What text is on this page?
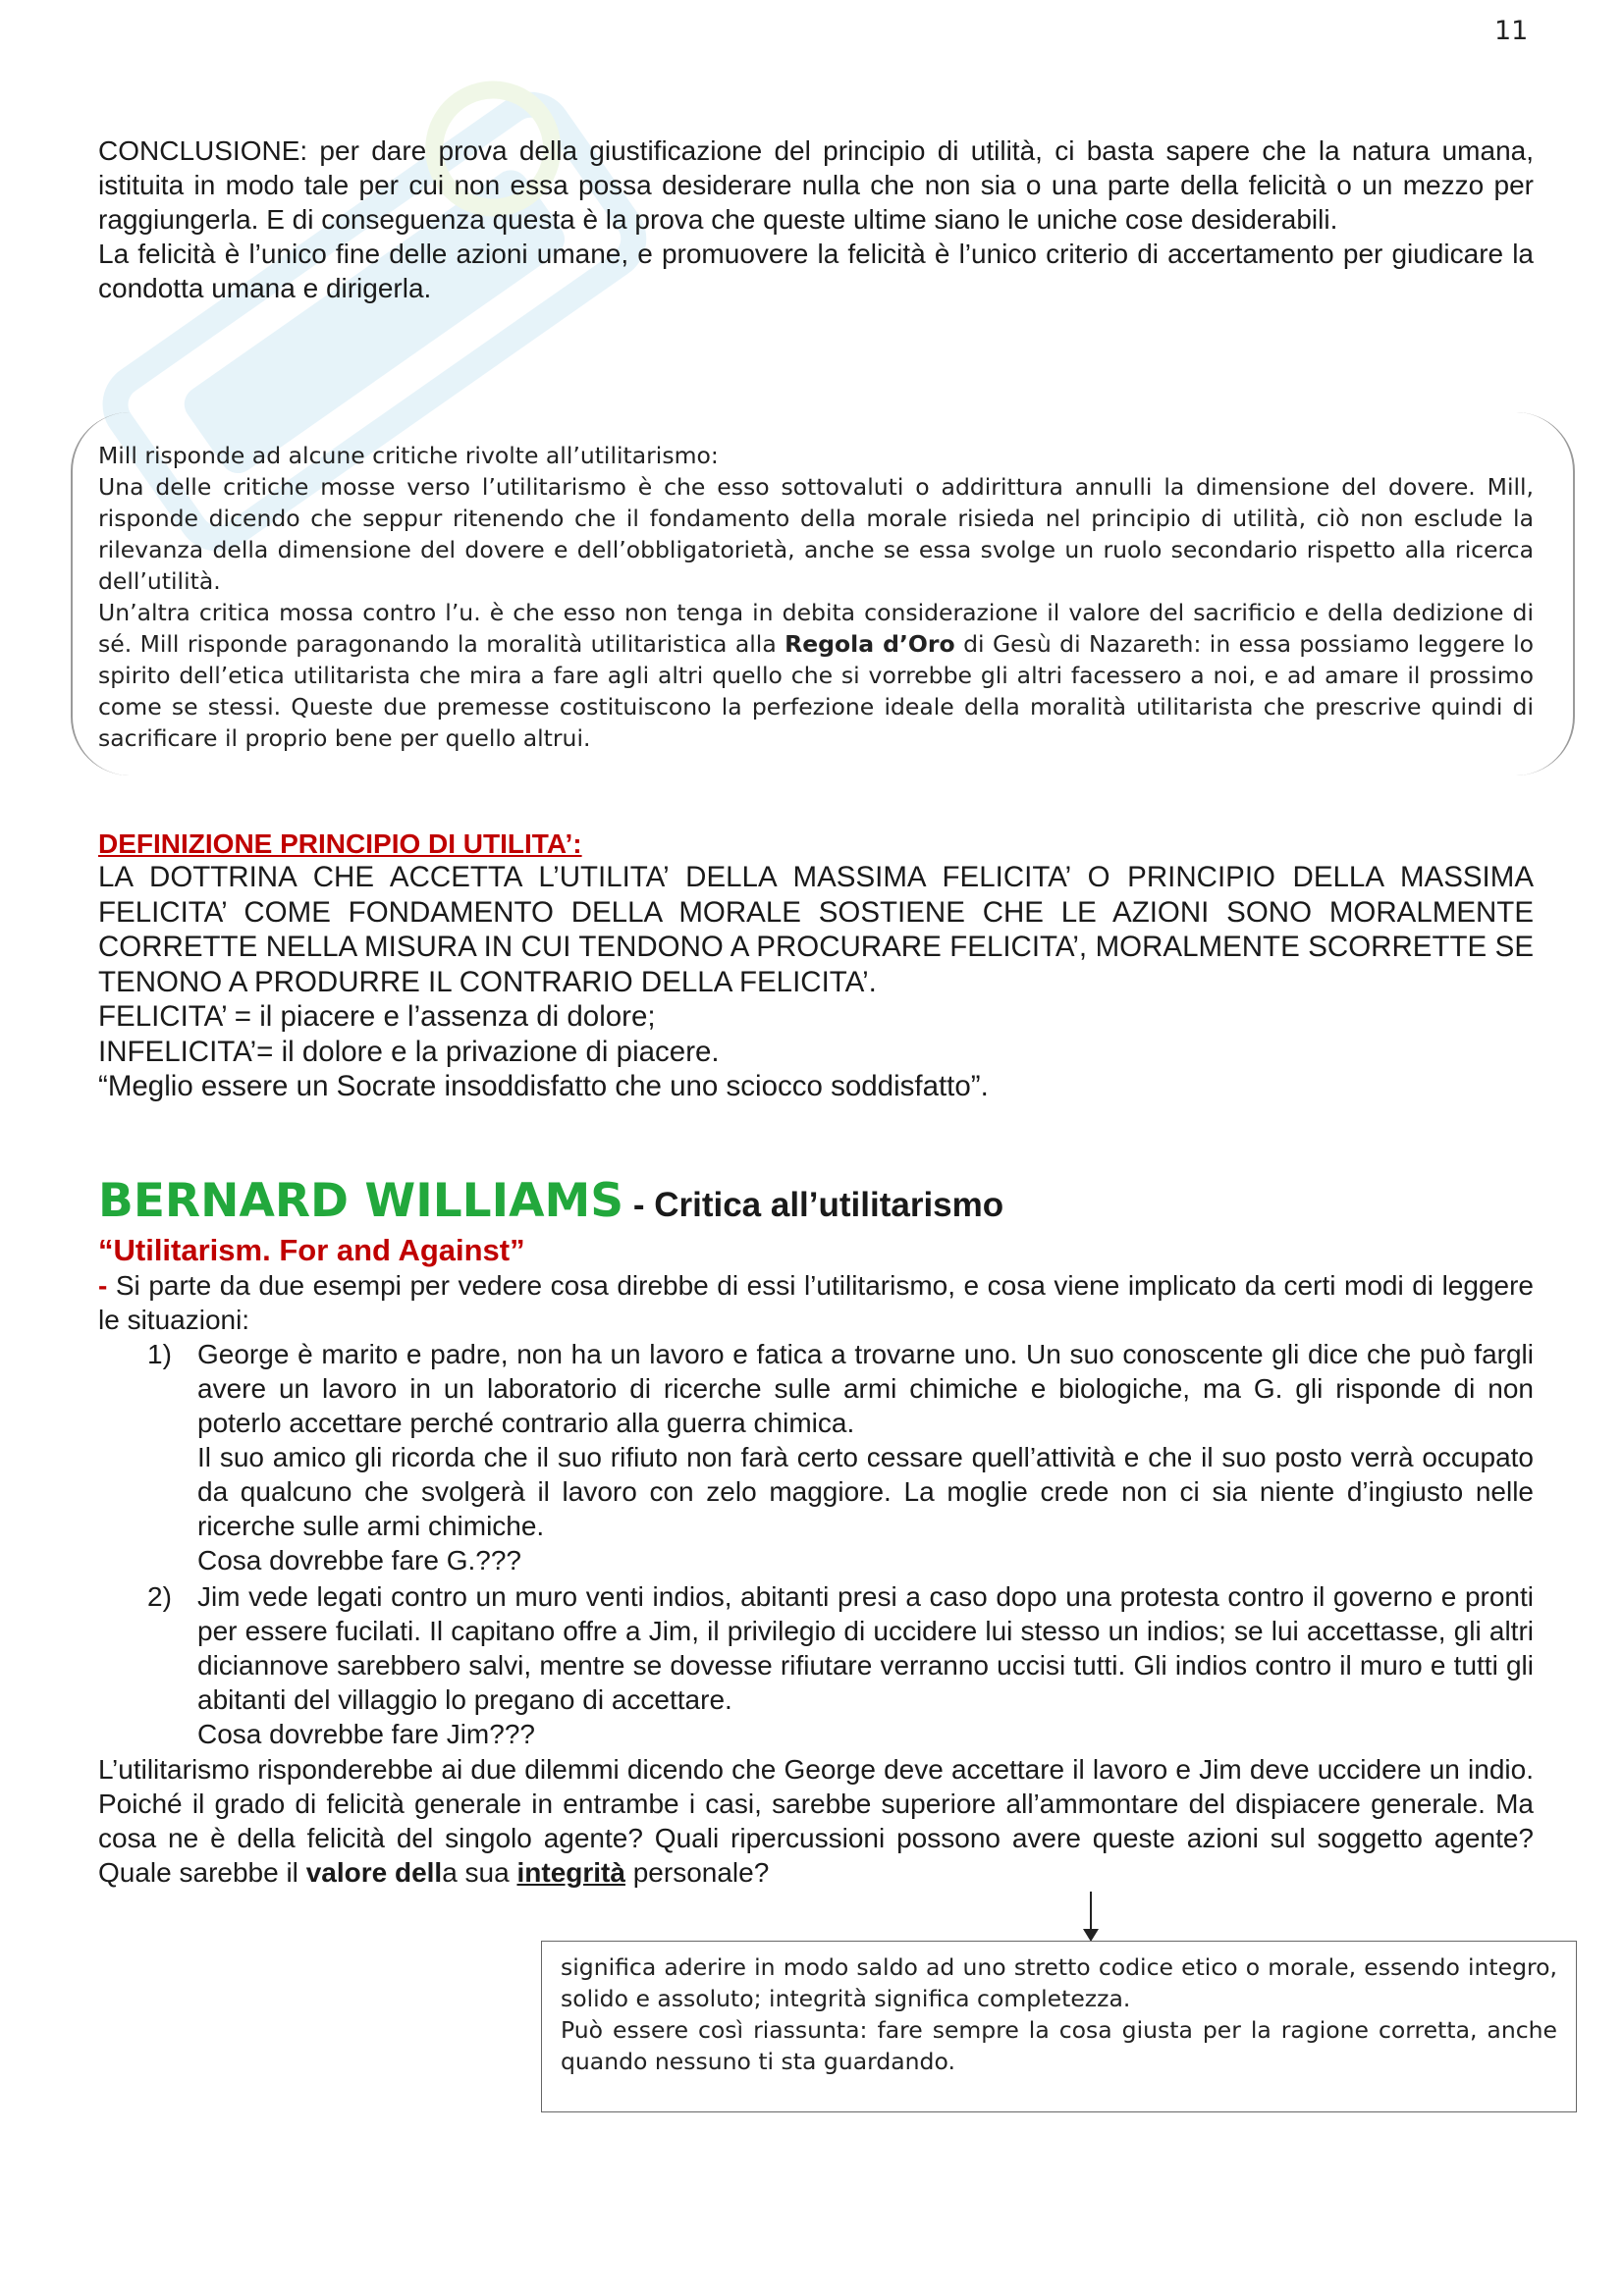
11

CONCLUSIONE: per dare prova della giustificazione del principio di utilità, ci basta sapere che la natura umana, istituita in modo tale per cui non essa possa desiderare nulla che non sia o una parte della felicità o un mezzo per raggiungerla. E di conseguenza questa è la prova che queste ultime siano le uniche cose desiderabili.

La felicità è l’unico fine delle azioni umane, e promuovere la felicità è l’unico criterio di accertamento per giudicare la condotta umana e dirigerla.

Mill risponde ad alcune critiche rivolte all’utilitarismo:

Una delle critiche mosse verso l’utilitarismo è che esso sottovaluti o addirittura annulli la dimensione del dovere. Mill, risponde dicendo che seppur ritenendo che il fondamento della morale risieda nel principio di utilità, ciò non esclude la rilevanza della dimensione del dovere e dell’obbligatorietà, anche se essa svolge un ruolo secondario rispetto alla ricerca dell’utilità.

Un’altra critica mossa contro l’u. è che esso non tenga in debita considerazione il valore del sacrificio e della dedizione di sé. Mill risponde paragonando la moralità utilitaristica alla Regola d’Oro di Gesù di Nazareth: in essa possiamo leggere lo spirito dell’etica utilitarista che mira a fare agli altri quello che si vorrebbe gli altri facessero a noi, e ad amare il prossimo come se stessi. Queste due premesse costituiscono la perfezione ideale della moralità utilitarista che prescrive quindi di sacrificare il proprio bene per quello altrui.

DEFINIZIONE PRINCIPIO DI UTILITA’:

LA DOTTRINA CHE ACCETTA L’UTILITA’ DELLA MASSIMA FELICITA’ O PRINCIPIO DELLA MASSIMA FELICITA’ COME FONDAMENTO DELLA MORALE SOSTIENE CHE LE AZIONI SONO MORALMENTE CORRETTE NELLA MISURA IN CUI TENDONO A PROCURARE FELICITA’, MORALMENTE SCORRETTE SE TENONO A PRODURRE IL CONTRARIO DELLA FELICITA’.

FELICITA’ = il piacere e l’assenza di dolore;

INFELICITA’= il dolore e la privazione di piacere.

“Meglio essere un Socrate insoddisfatto che uno sciocco soddisfatto”.

BERNARD WILLIAMS - Critica all’utilitarismo
“Utilitarism. For and Against”
- Si parte da due esempi per vedere cosa direbbe di essi l’utilitarismo, e cosa viene implicato da certi modi di leggere le situazioni:
1) George è marito e padre, non ha un lavoro e fatica a trovarne uno. Un suo conoscente gli dice che può fargli avere un lavoro in un laboratorio di ricerche sulle armi chimiche e biologiche, ma G. gli risponde di non poterlo accettare perché contrario alla guerra chimica.

Il suo amico gli ricorda che il suo rifiuto non farà certo cessare quell’attività e che il suo posto verrà occupato da qualcuno che svolgerà il lavoro con zelo maggiore. La moglie crede non ci sia niente d’ingiusto nelle ricerche sulle armi chimiche.

Cosa dovrebbe fare G.???

2) Jim vede legati contro un muro venti indios, abitanti presi a caso dopo una protesta contro il governo e pronti per essere fucilati. Il capitano offre a Jim, il privilegio di uccidere lui stesso un indios; se lui accettasse, gli altri diciannove sarebbero salvi, mentre se dovesse rifiutare verranno uccisi tutti. Gli indios contro il muro e tutti gli abitanti del villaggio lo pregano di accettare.

Cosa dovrebbe fare Jim???

L’utilitarismo risponderebbe ai due dilemmi dicendo che George deve accettare il lavoro e Jim deve uccidere un indio. Poiché il grado di felicità generale in entrambe i casi, sarebbe superiore all’ammontare del dispiacere generale. Ma cosa ne è della felicità del singolo agente? Quali ripercussioni possono avere queste azioni sul soggetto agente? Quale sarebbe il valore della sua integrità personale?

significa aderire in modo saldo ad uno stretto codice etico o morale, essendo integro, solido e assoluto; integrità significa completezza.

Può essere così riassunta: fare sempre la cosa giusta per la ragione corretta, anche quando nessuno ti sta guardando.
